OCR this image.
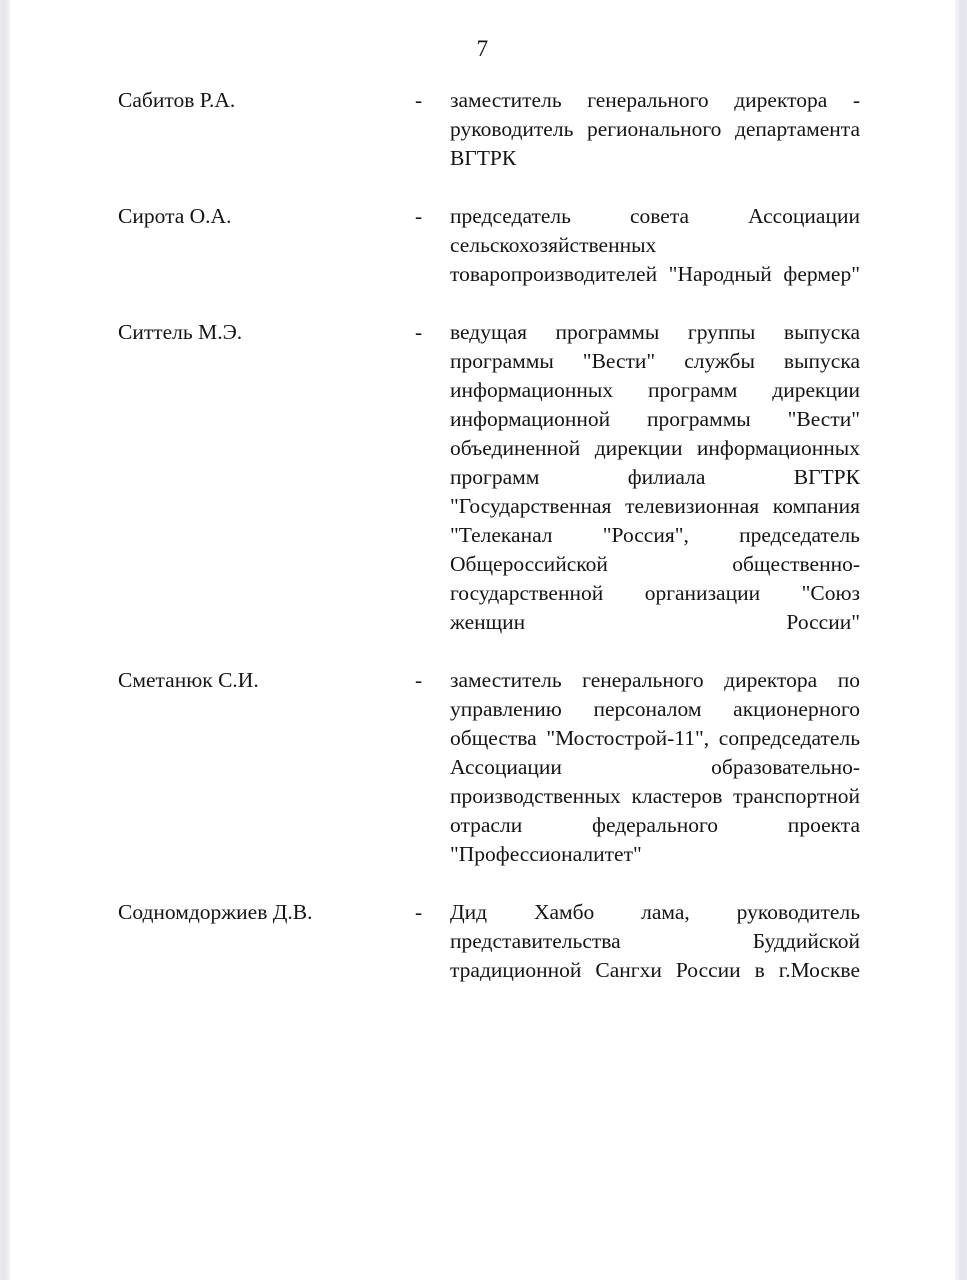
7
Сабитов Р.А.	-	заместитель генерального директора - руководитель регионального департамента ВГТРК
Сирота О.А.	-	председатель совета Ассоциации сельскохозяйственных товаропроизводителей "Народный фермер"
Ситтель М.Э.	-	ведущая программы группы выпуска программы "Вести" службы выпуска информационных программ дирекции информационной программы "Вести" объединенной дирекции информационных программ филиала ВГТРК "Государственная телевизионная компания "Телеканал "Россия", председатель Общероссийской общественно-государственной организации "Союз женщин России"
Сметанюк С.И.	-	заместитель генерального директора по управлению персоналом акционерного общества "Мостострой-11", сопредседатель Ассоциации образовательно-производственных кластеров транспортной отрасли федерального проекта "Профессионалитет"
Содномдоржиев Д.В.	-	Дид Хамбо лама, руководитель представительства Буддийской традиционной Сангхи России в г.Москве
